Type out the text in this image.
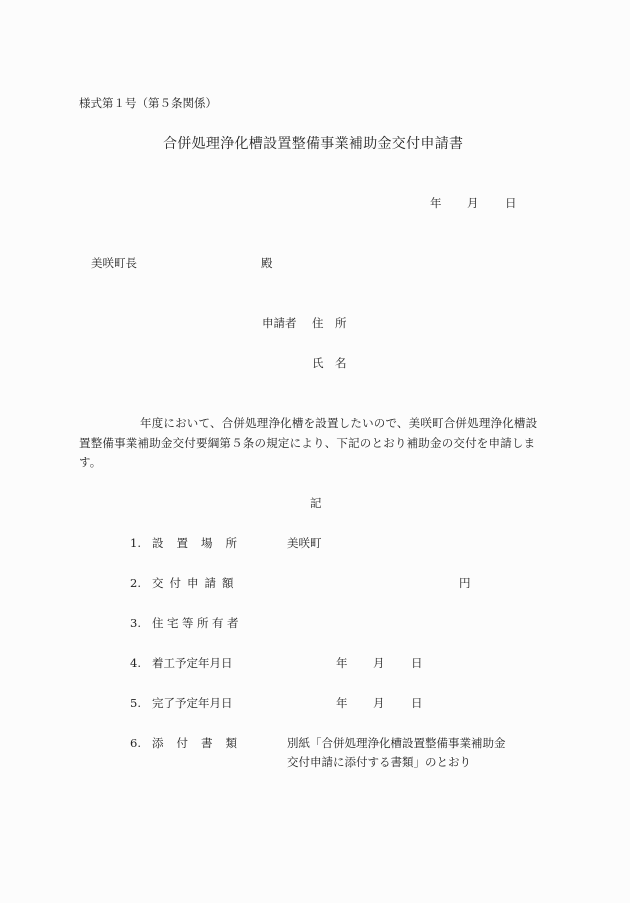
様式第１号（第５条関係）
合併処理浄化槽設置整備事業補助金交付申請書
年 月 日
美咲町長	殿
申請者 住　所
氏　名
年度において、合併処理浄化槽を設置したいので、美咲町合併処理浄化槽設
置整備事業補助金交付要綱第５条の規定により、下記のとおり補助金の交付を申請しま
す。
記
1. 設置場所	美咲町
2. 交付申請額	円
3. 住宅等所有者
4. 着工予定年月日	年 月 日
5. 完了予定年月日	年 月 日
6. 添付書類	別紙「合併処理浄化槽設置整備事業補助金
交付申請に添付する書類」のとおり
